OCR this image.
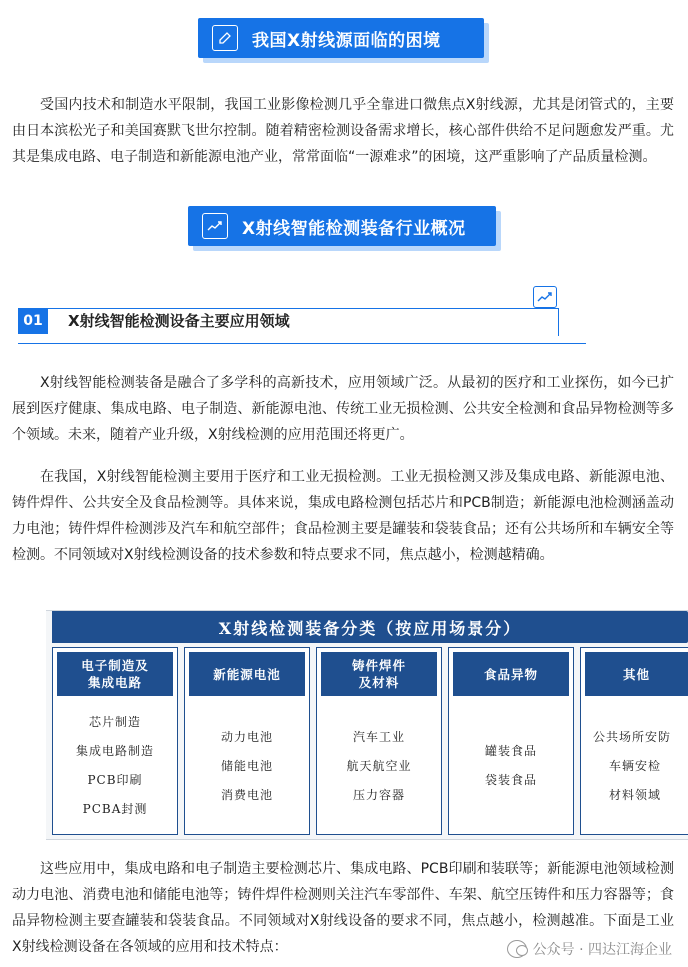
我国X射线源面临的困境

受国内技术和制造水平限制，我国工业影像检测几乎全靠进口微焦点X射线源，尤其是闭管式的，主要由日本滨松光子和美国赛默飞世尔控制。随着精密检测设备需求增长，核心部件供给不足问题愈发严重。尤其是集成电路、电子制造和新能源电池产业，常常面临“一源难求”的困境，这严重影响了产品质量检测。

X射线智能检测装备行业概况
01	X射线智能检测设备主要应用领域

X射线智能检测装备是融合了多学科的高新技术，应用领域广泛。从最初的医疗和工业探伤，如今已扩展到医疗健康、集成电路、电子制造、新能源电池、传统工业无损检测、公共安全检测和食品异物检测等多个领域。未来，随着产业升级，X射线检测的应用范围还将更广。

在我国，X射线智能检测主要用于医疗和工业无损检测。工业无损检测又涉及集成电路、新能源电池、铸件焊件、公共安全及食品检测等。具体来说，集成电路检测包括芯片和PCB制造；新能源电池检测涵盖动力电池；铸件焊件检测涉及汽车和航空部件；食品检测主要是罐装和袋装食品；还有公共场所和车辆安全等检测。不同领域对X射线检测设备的技术参数和特点要求不同，焦点越小，检测越精确。

X射线检测装备分类（按应用场景分）
电子制造及
集成电路
芯片制造
集成电路制造
PCB印刷
PCBA封测
新能源电池
动力电池
储能电池
消费电池
铸件焊件
及材料
汽车工业
航天航空业
压力容器
食品异物
罐装食品
袋装食品
其他
公共场所安防
车辆安检
材料领域

这些应用中，集成电路和电子制造主要检测芯片、集成电路、PCB印刷和装联等；新能源电池领域检测动力电池、消费电池和储能电池等；铸件焊件检测则关注汽车零部件、车架、航空压铸件和压力容器等；食品异物检测主要查罐装和袋装食品。不同领域对X射线设备的要求不同，焦点越小，检测越准。下面是工业X射线检测设备在各领域的应用和技术特点：	公众号 · 四达江海企业
